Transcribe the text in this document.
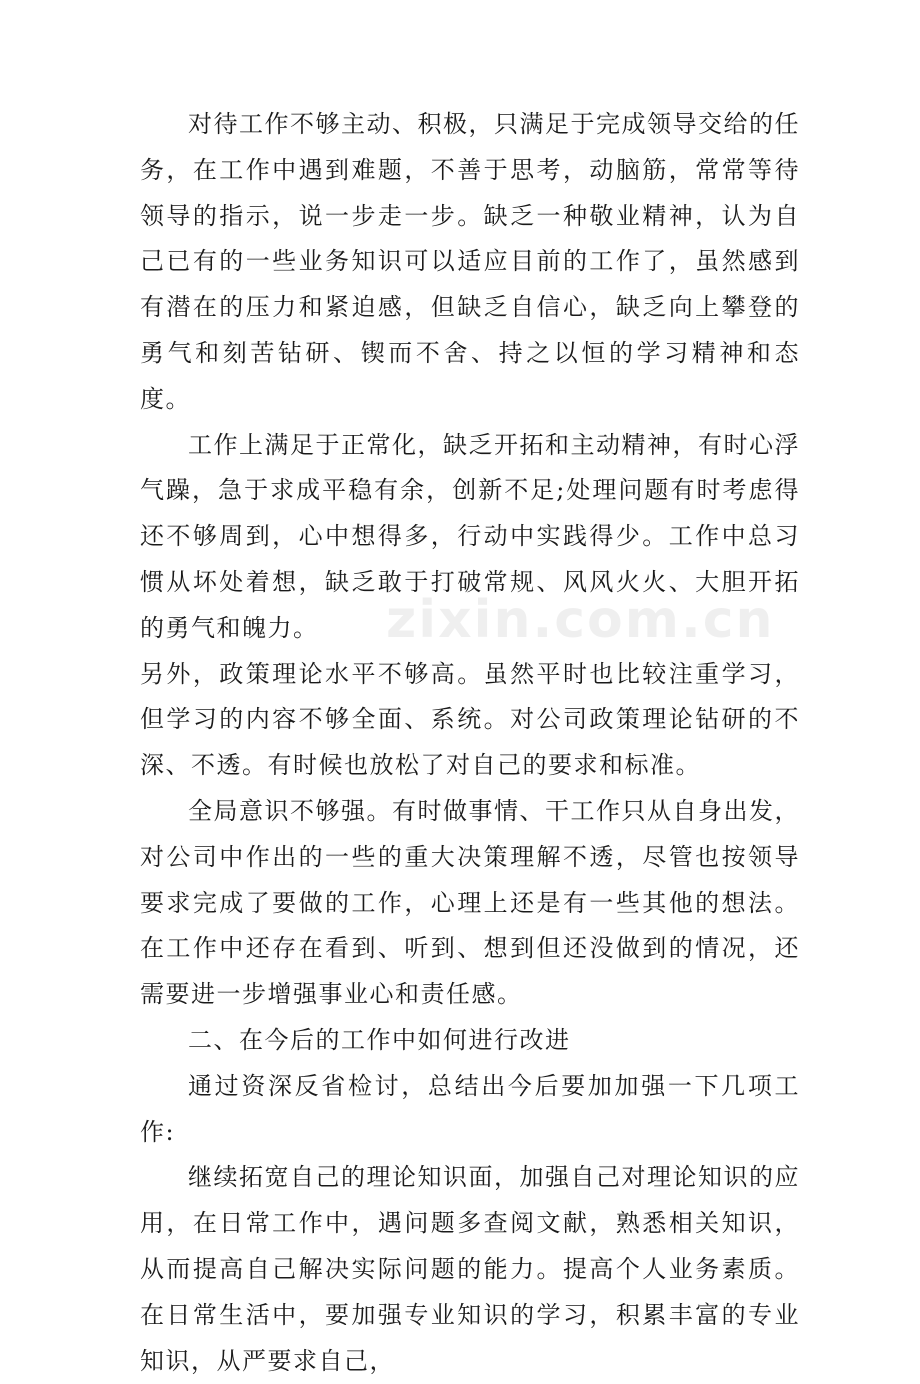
对待工作不够主动、积极，只满足于完成领导交给的任务，在工作中遇到难题，不善于思考，动脑筋，常常等待领导的指示，说一步走一步。缺乏一种敬业精神，认为自己已有的一些业务知识可以适应目前的工作了，虽然感到有潜在的压力和紧迫感，但缺乏自信心，缺乏向上攀登的勇气和刻苦钻研、锲而不舍、持之以恒的学习精神和态度。

工作上满足于正常化，缺乏开拓和主动精神，有时心浮气躁，急于求成平稳有余，创新不足;处理问题有时考虑得还不够周到，心中想得多，行动中实践得少。工作中总习惯从坏处着想，缺乏敢于打破常规、风风火火、大胆开拓的勇气和魄力。

另外，政策理论水平不够高。虽然平时也比较注重学习，但学习的内容不够全面、系统。对公司政策理论钻研的不深、不透。有时候也放松了对自己的要求和标准。

全局意识不够强。有时做事情、干工作只从自身出发，对公司中作出的一些的重大决策理解不透，尽管也按领导要求完成了要做的工作，心理上还是有一些其他的想法。在工作中还存在看到、听到、想到但还没做到的情况，还需要进一步增强事业心和责任感。

二、在今后的工作中如何进行改进

通过资深反省检讨，总结出今后要加加强一下几项工作:

继续拓宽自己的理论知识面，加强自己对理论知识的应用，在日常工作中，遇问题多查阅文献，熟悉相关知识，从而提高自己解决实际问题的能力。提高个人业务素质。在日常生活中，要加强专业知识的学习，积累丰富的专业知识，从严要求自己，

zixin.com.cn
